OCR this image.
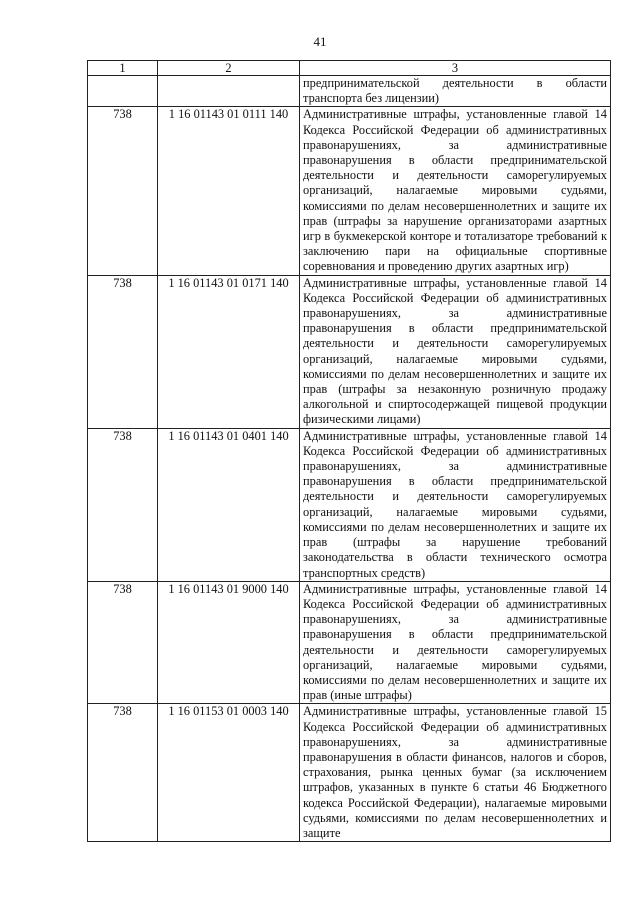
41
1	2	3
		предпринимательской деятельности в области транспорта без лицензии)
738	1 16 01143 01 0111 140	Административные штрафы, установленные главой 14 Кодекса Российской Федерации об административных правонарушениях, за административные правонарушения в области предпринимательской деятельности и деятельности саморегулируемых организаций, налагаемые мировыми судьями, комиссиями по делам несовершеннолетних и защите их прав (штрафы за нарушение организаторами азартных игр в букмекерской конторе и тотализаторе требований к заключению пари на официальные спортивные соревнования и проведению других азартных игр)
738	1 16 01143 01 0171 140	Административные штрафы, установленные главой 14 Кодекса Российской Федерации об административных правонарушениях, за административные правонарушения в области предпринимательской деятельности и деятельности саморегулируемых организаций, налагаемые мировыми судьями, комиссиями по делам несовершеннолетних и защите их прав (штрафы за незаконную розничную продажу алкогольной и спиртосодержащей пищевой продукции физическими лицами)
738	1 16 01143 01 0401 140	Административные штрафы, установленные главой 14 Кодекса Российской Федерации об административных правонарушениях, за административные правонарушения в области предпринимательской деятельности и деятельности саморегулируемых организаций, налагаемые мировыми судьями, комиссиями по делам несовершеннолетних и защите их прав (штрафы за нарушение требований законодательства в области технического осмотра транспортных средств)
738	1 16 01143 01 9000 140	Административные штрафы, установленные главой 14 Кодекса Российской Федерации об административных правонарушениях, за административные правонарушения в области предпринимательской деятельности и деятельности саморегулируемых организаций, налагаемые мировыми судьями, комиссиями по делам несовершеннолетних и защите их прав (иные штрафы)
738	1 16 01153 01 0003 140	Административные штрафы, установленные главой 15 Кодекса Российской Федерации об административных правонарушениях, за административные правонарушения в области финансов, налогов и сборов, страхования, рынка ценных бумаг (за исключением штрафов, указанных в пункте 6 статьи 46 Бюджетного кодекса Российской Федерации), налагаемые мировыми судьями, комиссиями по делам несовершеннолетних и защите
